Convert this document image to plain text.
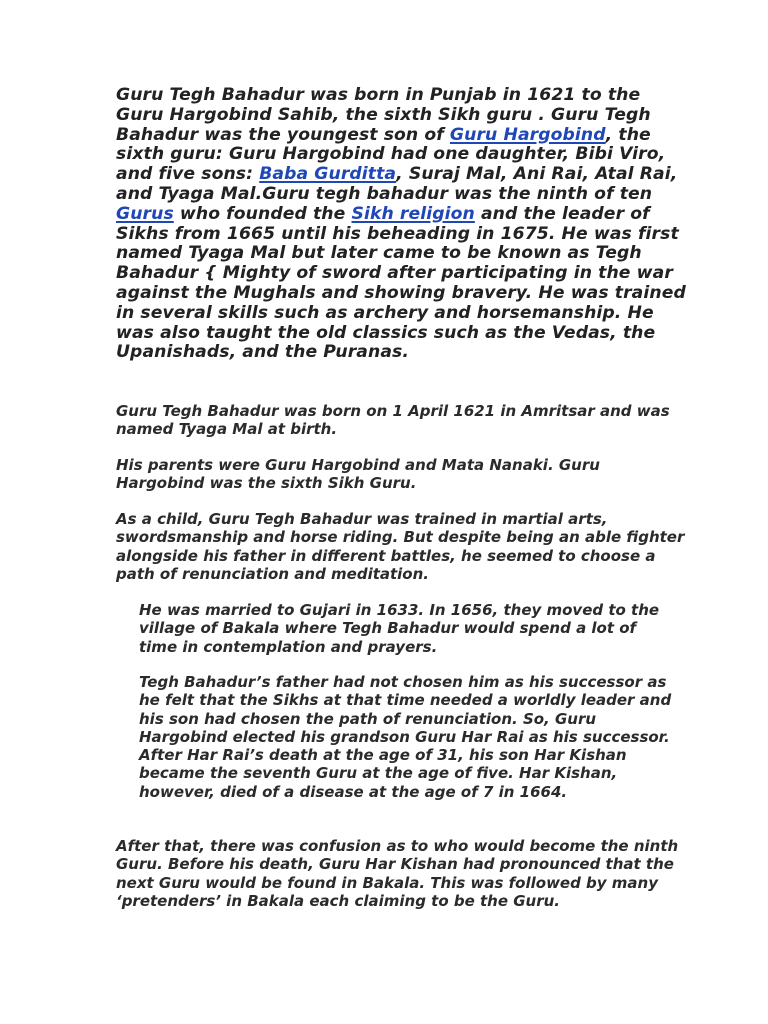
Guru Tegh Bahadur was born in Punjab in 1621 to the Guru Hargobind Sahib, the sixth Sikh guru . Guru Tegh Bahadur was the youngest son of Guru Hargobind, the sixth guru: Guru Hargobind had one daughter, Bibi Viro, and five sons: Baba Gurditta, Suraj Mal, Ani Rai, Atal Rai, and Tyaga Mal.Guru tegh bahadur was the ninth of ten Gurus who founded the Sikh religion and the leader of Sikhs from 1665 until his beheading in 1675. He was first named Tyaga Mal but later came to be known as Tegh Bahadur { Mighty of sword after participating in the war against the Mughals and showing bravery. He was trained in several skills such as archery and horsemanship. He was also taught the old classics such as the Vedas, the Upanishads, and the Puranas.

Guru Tegh Bahadur was born on 1 April 1621 in Amritsar and was named Tyaga Mal at birth.

His parents were Guru Hargobind and Mata Nanaki. Guru Hargobind was the sixth Sikh Guru.

As a child, Guru Tegh Bahadur was trained in martial arts, swordsmanship and horse riding. But despite being an able fighter alongside his father in different battles, he seemed to choose a path of renunciation and meditation.

He was married to Gujari in 1633. In 1656, they moved to the village of Bakala where Tegh Bahadur would spend a lot of time in contemplation and prayers.

Tegh Bahadur’s father had not chosen him as his successor as he felt that the Sikhs at that time needed a worldly leader and his son had chosen the path of renunciation. So, Guru Hargobind elected his grandson Guru Har Rai as his successor. After Har Rai’s death at the age of 31, his son Har Kishan became the seventh Guru at the age of five. Har Kishan, however, died of a disease at the age of 7 in 1664.

After that, there was confusion as to who would become the ninth Guru. Before his death, Guru Har Kishan had pronounced that the next Guru would be found in Bakala. This was followed by many ‘pretenders’ in Bakala each claiming to be the Guru.
